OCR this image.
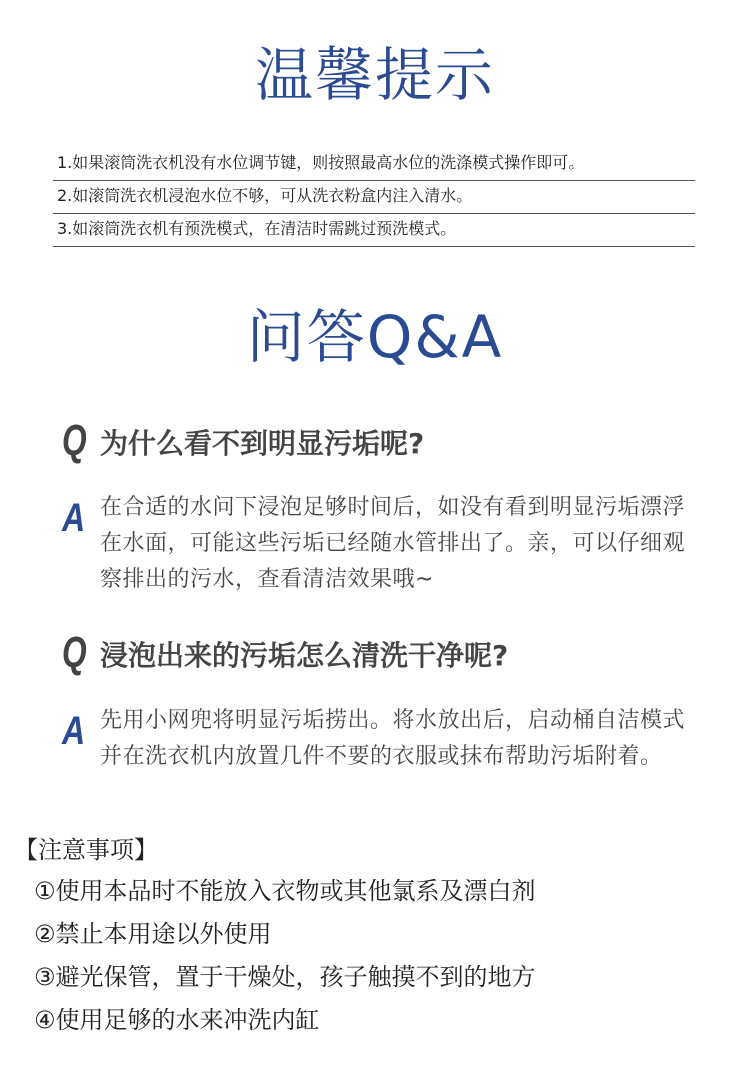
温馨提示
1.如果滚筒洗衣机没有水位调节键，则按照最高水位的洗涤模式操作即可。
2.如滚筒洗衣机浸泡水位不够，可从洗衣粉盒内注入清水。
3.如滚筒洗衣机有预洗模式，在清洁时需跳过预洗模式。
问答Q&A
Q 为什么看不到明显污垢呢?
A 在合适的水问下浸泡足够时间后，如没有看到明显污垢漂浮在水面，可能这些污垢已经随水管排出了。亲，可以仔细观察排出的污水，查看清洁效果哦~
Q 浸泡出来的污垢怎么清洗干净呢?
A 先用小网兜将明显污垢捞出。将水放出后，启动桶自洁模式并在洗衣机内放置几件不要的衣服或抹布帮助污垢附着。
【注意事项】
①使用本品时不能放入衣物或其他氯系及漂白剂
②禁止本用途以外使用
③避光保管，置于干燥处，孩子触摸不到的地方
④使用足够的水来冲洗内缸
